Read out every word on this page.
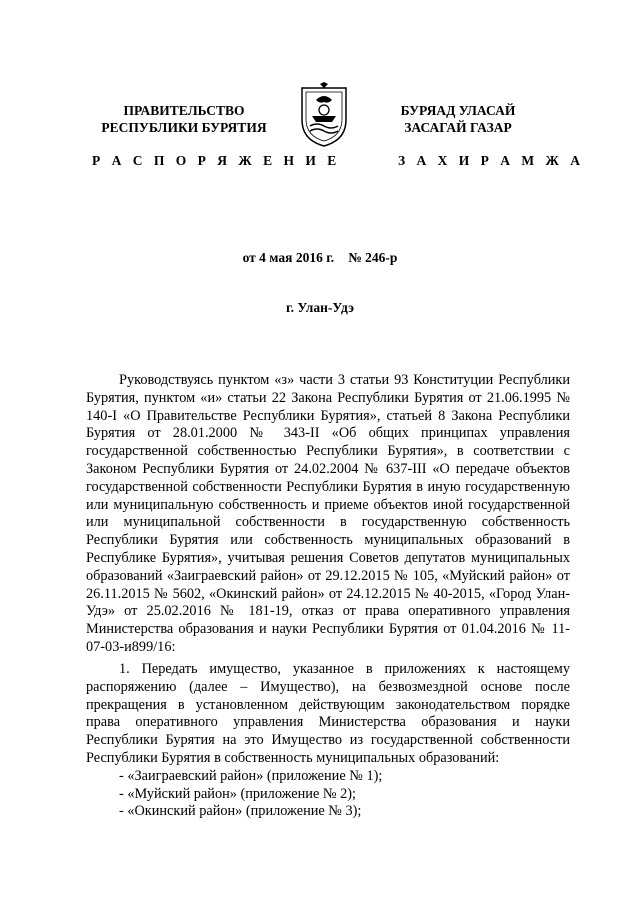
ПРАВИТЕЛЬСТВО
РЕСПУБЛИКИ БУРЯТИЯ
БУРЯАД УЛАСАЙ
ЗАСАГАЙ ГАЗАР
Р А С П О Р Я Ж Е Н И Е	З А Х И Р А М Ж А
от 4 мая 2016 г. № 246-р
г. Улан-Удэ

Руководствуясь пунктом «з» части 3 статьи 93 Конституции Республики Бурятия, пунктом «и» статьи 22 Закона Республики Бурятия от 21.06.1995 № 140-I «О Правительстве Республики Бурятия», статьей 8 Закона Республики Бурятия от 28.01.2000 № 343-II «Об общих принципах управления государственной собственностью Республики Бурятия», в соответствии с Законом Республики Бурятия от 24.02.2004 № 637-III «О передаче объектов государственной собственности Республики Бурятия в иную государственную или муниципальную собственность и приеме объектов иной государственной или муниципальной собственности в государственную собственность Республики Бурятия или собственность муниципальных образований в Республике Бурятия», учитывая решения Советов депутатов муниципальных образований «Заиграевский район» от 29.12.2015 № 105, «Муйский район» от 26.11.2015 № 5602, «Окинский район» от 24.12.2015 № 40-2015, «Город Улан-Удэ» от 25.02.2016 № 181-19, отказ от права оперативного управления Министерства образования и науки Республики Бурятия от 01.04.2016 № 11-07-03-и899/16:

1. Передать имущество, указанное в приложениях к настоящему распоряжению (далее – Имущество), на безвозмездной основе после прекращения в установленном действующим законодательством порядке права оперативного управления Министерства образования и науки Республики Бурятия на это Имущество из государственной собственности Республики Бурятия в собственность муниципальных образований:

- «Заиграевский район» (приложение № 1);
- «Муйский район» (приложение № 2);
- «Окинский район» (приложение № 3);
